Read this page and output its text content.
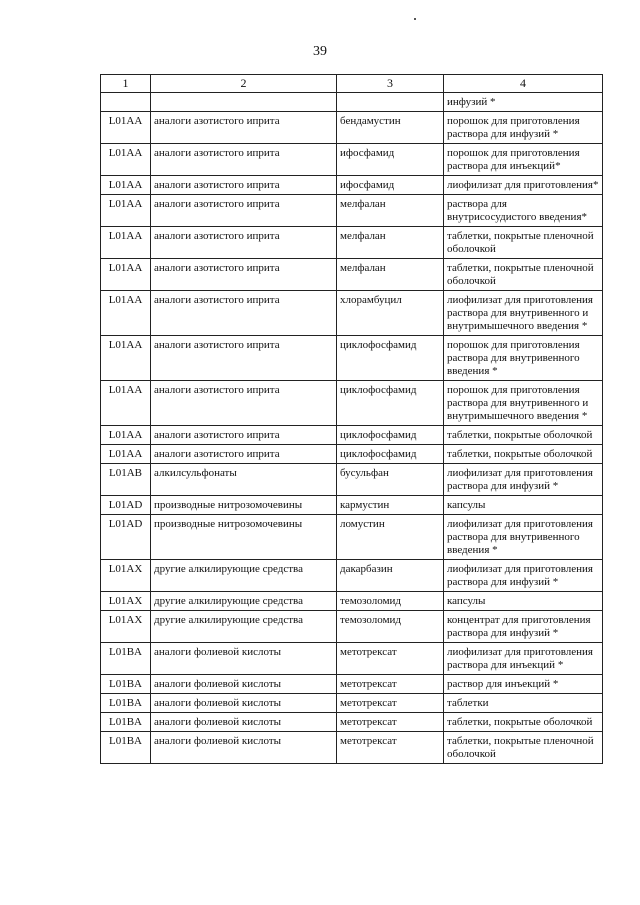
39
1	2	3	4
			инфузий *
L01AA	аналоги азотистого иприта	бендамустин	порошок для приготовления раствора для инфузий *
L01AA	аналоги азотистого иприта	ифосфамид	порошок для приготовления раствора для инъекций*
L01AA	аналоги азотистого иприта	ифосфамид	лиофилизат для приготовления*
L01AA	аналоги азотистого иприта	мелфалан	раствора для внутрисосудистого введения*
L01AA	аналоги азотистого иприта	мелфалан	таблетки, покрытые пленочной оболочкой
L01AA	аналоги азотистого иприта	мелфалан	таблетки, покрытые пленочной оболочкой
L01AA	аналоги азотистого иприта	хлорамбуцил	лиофилизат для приготовления раствора для внутривенного и внутримышечного введения *
L01AA	аналоги азотистого иприта	циклофосфамид	порошок для приготовления раствора для внутривенного введения *
L01AA	аналоги азотистого иприта	циклофосфамид	порошок для приготовления раствора для внутривенного и внутримышечного введения *
L01AA	аналоги азотистого иприта	циклофосфамид	таблетки, покрытые оболочкой
L01AA	аналоги азотистого иприта	циклофосфамид	таблетки, покрытые оболочкой
L01AB	алкилсульфонаты	бусульфан	лиофилизат для приготовления раствора для инфузий *
L01AD	производные нитрозомочевины	кармустин	капсулы
L01AD	производные нитрозомочевины	ломустин	лиофилизат для приготовления раствора для внутривенного введения *
L01AX	другие алкилирующие средства	дакарбазин	лиофилизат для приготовления раствора для инфузий *
L01AX	другие алкилирующие средства	темозоломид	капсулы
L01AX	другие алкилирующие средства	темозоломид	концентрат для приготовления раствора для инфузий *
L01BA	аналоги фолиевой кислоты	метотрексат	лиофилизат для приготовления раствора для инъекций *
L01BA	аналоги фолиевой кислоты	метотрексат	раствор для инъекций *
L01BA	аналоги фолиевой кислоты	метотрексат	таблетки
L01BA	аналоги фолиевой кислоты	метотрексат	таблетки, покрытые оболочкой
L01BA	аналоги фолиевой кислоты	метотрексат	таблетки, покрытые пленочной оболочкой
